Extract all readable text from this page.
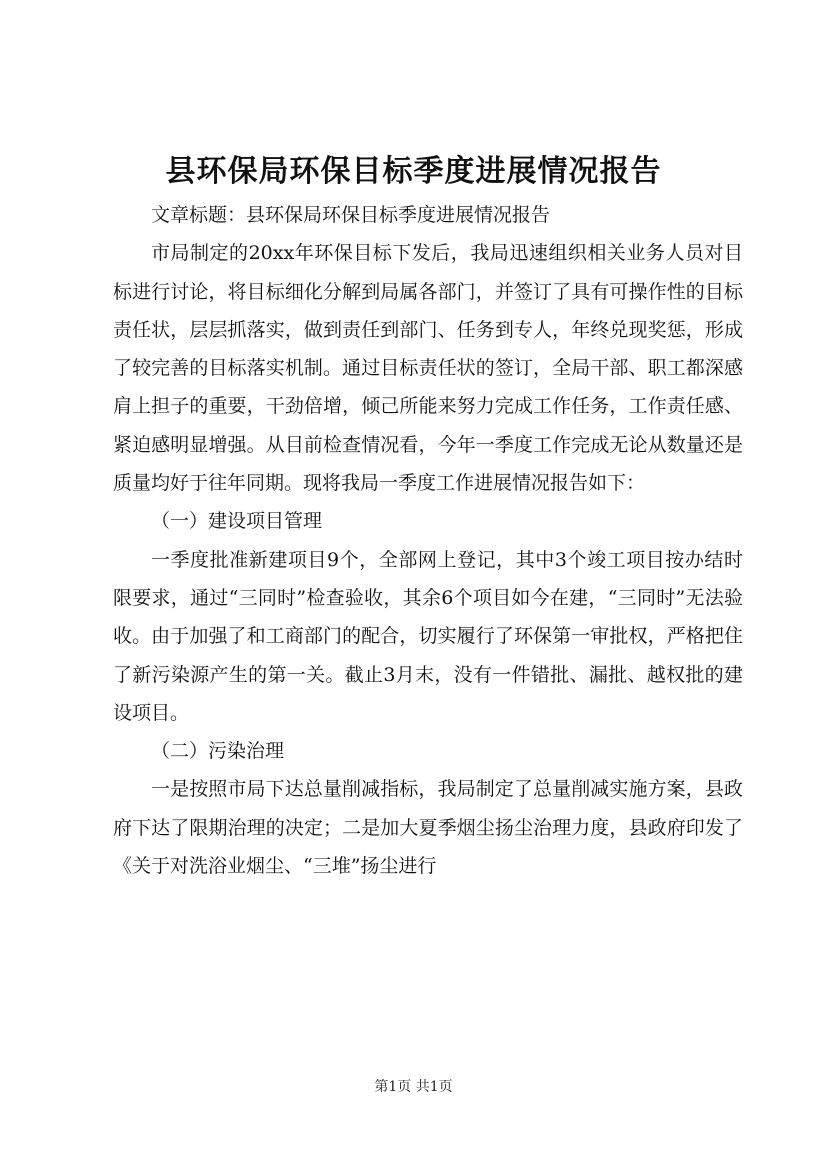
县环保局环保目标季度进展情况报告

文章标题：县环保局环保目标季度进展情况报告

市局制定的20xx年环保目标下发后，我局迅速组织相关业务人员对目标进行讨论，将目标细化分解到局属各部门，并签订了具有可操作性的目标责任状，层层抓落实，做到责任到部门、任务到专人，年终兑现奖惩，形成了较完善的目标落实机制。通过目标责任状的签订，全局干部、职工都深感肩上担子的重要，干劲倍增，倾己所能来努力完成工作任务，工作责任感、紧迫感明显增强。从目前检查情况看，今年一季度工作完成无论从数量还是质量均好于往年同期。现将我局一季度工作进展情况报告如下：

（一）建设项目管理

一季度批准新建项目9个，全部网上登记，其中3个竣工项目按办结时限要求，通过“三同时”检查验收，其余6个项目如今在建，“三同时”无法验收。由于加强了和工商部门的配合，切实履行了环保第一审批权，严格把住了新污染源产生的第一关。截止3月末，没有一件错批、漏批、越权批的建设项目。

（二）污染治理

一是按照市局下达总量削减指标，我局制定了总量削减实施方案，县政府下达了限期治理的决定；二是加大夏季烟尘扬尘治理力度，县政府印发了《关于对洗浴业烟尘、“三堆”扬尘进行

第1页 共1页
